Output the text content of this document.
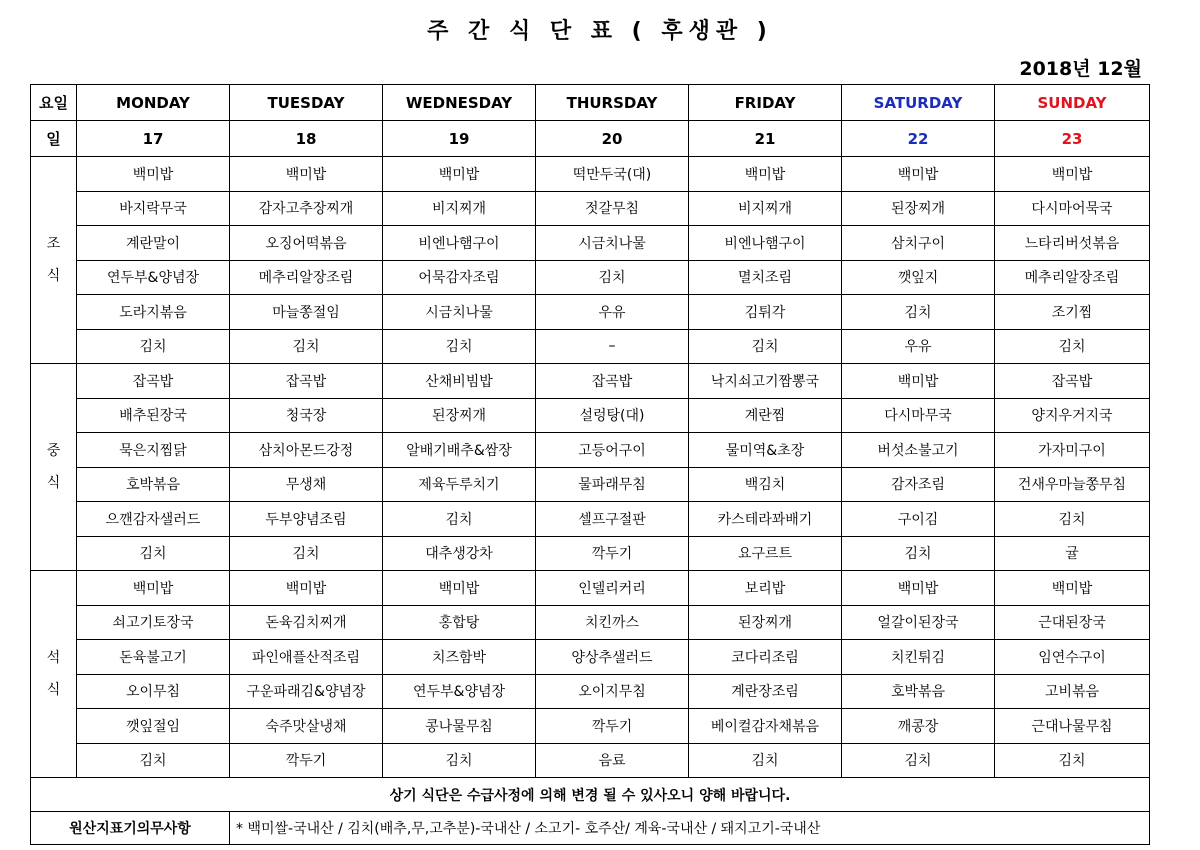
주 간 식 단 표 ( 후생관 )
2018년 12월
요일	MONDAY	TUESDAY	WEDNESDAY	THURSDAY	FRIDAY	SATURDAY	SUNDAY
일	17	18	19	20	21	22	23

조
식	백미밥	백미밥	백미밥	떡만두국(대)	백미밥	백미밥	백미밥
	바지락무국	감자고추장찌개	비지찌개	젓갈무침	비지찌개	된장찌개	다시마어묵국
	계란말이	오징어떡볶음	비엔나햄구이	시금치나물	비엔나햄구이	삼치구이	느타리버섯볶음
	연두부&양념장	메추리알장조림	어묵감자조림	김치	멸치조림	깻잎지	메추리알장조림
	도라지볶음	마늘쫑절임	시금치나물	우유	김튀각	김치	조기찜
	김치	김치	김치	–	김치	우유	김치

중
식	잡곡밥	잡곡밥	산채비빔밥	잡곡밥	낙지쇠고기짬뽕국	백미밥	잡곡밥
	배추된장국	청국장	된장찌개	설렁탕(대)	계란찜	다시마무국	양지우거지국
	묵은지찜닭	삼치아몬드강정	알배기배추&쌈장	고등어구이	물미역&초장	버섯소불고기	가자미구이
	호박볶음	무생채	제육두루치기	물파래무침	백김치	감자조림	건새우마늘쫑무침
	으깬감자샐러드	두부양념조림	김치	셀프구절판	카스테라꽈배기	구이김	김치
	김치	김치	대추생강차	깍두기	요구르트	김치	귤

석
식	백미밥	백미밥	백미밥	인델리커리	보리밥	백미밥	백미밥
	쇠고기토장국	돈육김치찌개	홍합탕	치킨까스	된장찌개	얼갈이된장국	근대된장국
	돈육불고기	파인애플산적조림	치즈함박	양상추샐러드	코다리조림	치킨튀김	임연수구이
	오이무침	구운파래김&양념장	연두부&양념장	오이지무침	계란장조림	호박볶음	고비볶음
	깻잎절임	숙주맛살냉채	콩나물무침	깍두기	베이컬감자채볶음	깨콩장	근대나물무침
	김치	깍두기	김치	음료	김치	김치	김치
상기 식단은 수급사정에 의해 변경 될 수 있사오니 양해 바랍니다.							
원산지표기의무사항		* 백미쌀-국내산 / 김치(배추,무,고추분)-국내산 / 소고기- 호주산/ 계육-국내산 / 돼지고기-국내산					
